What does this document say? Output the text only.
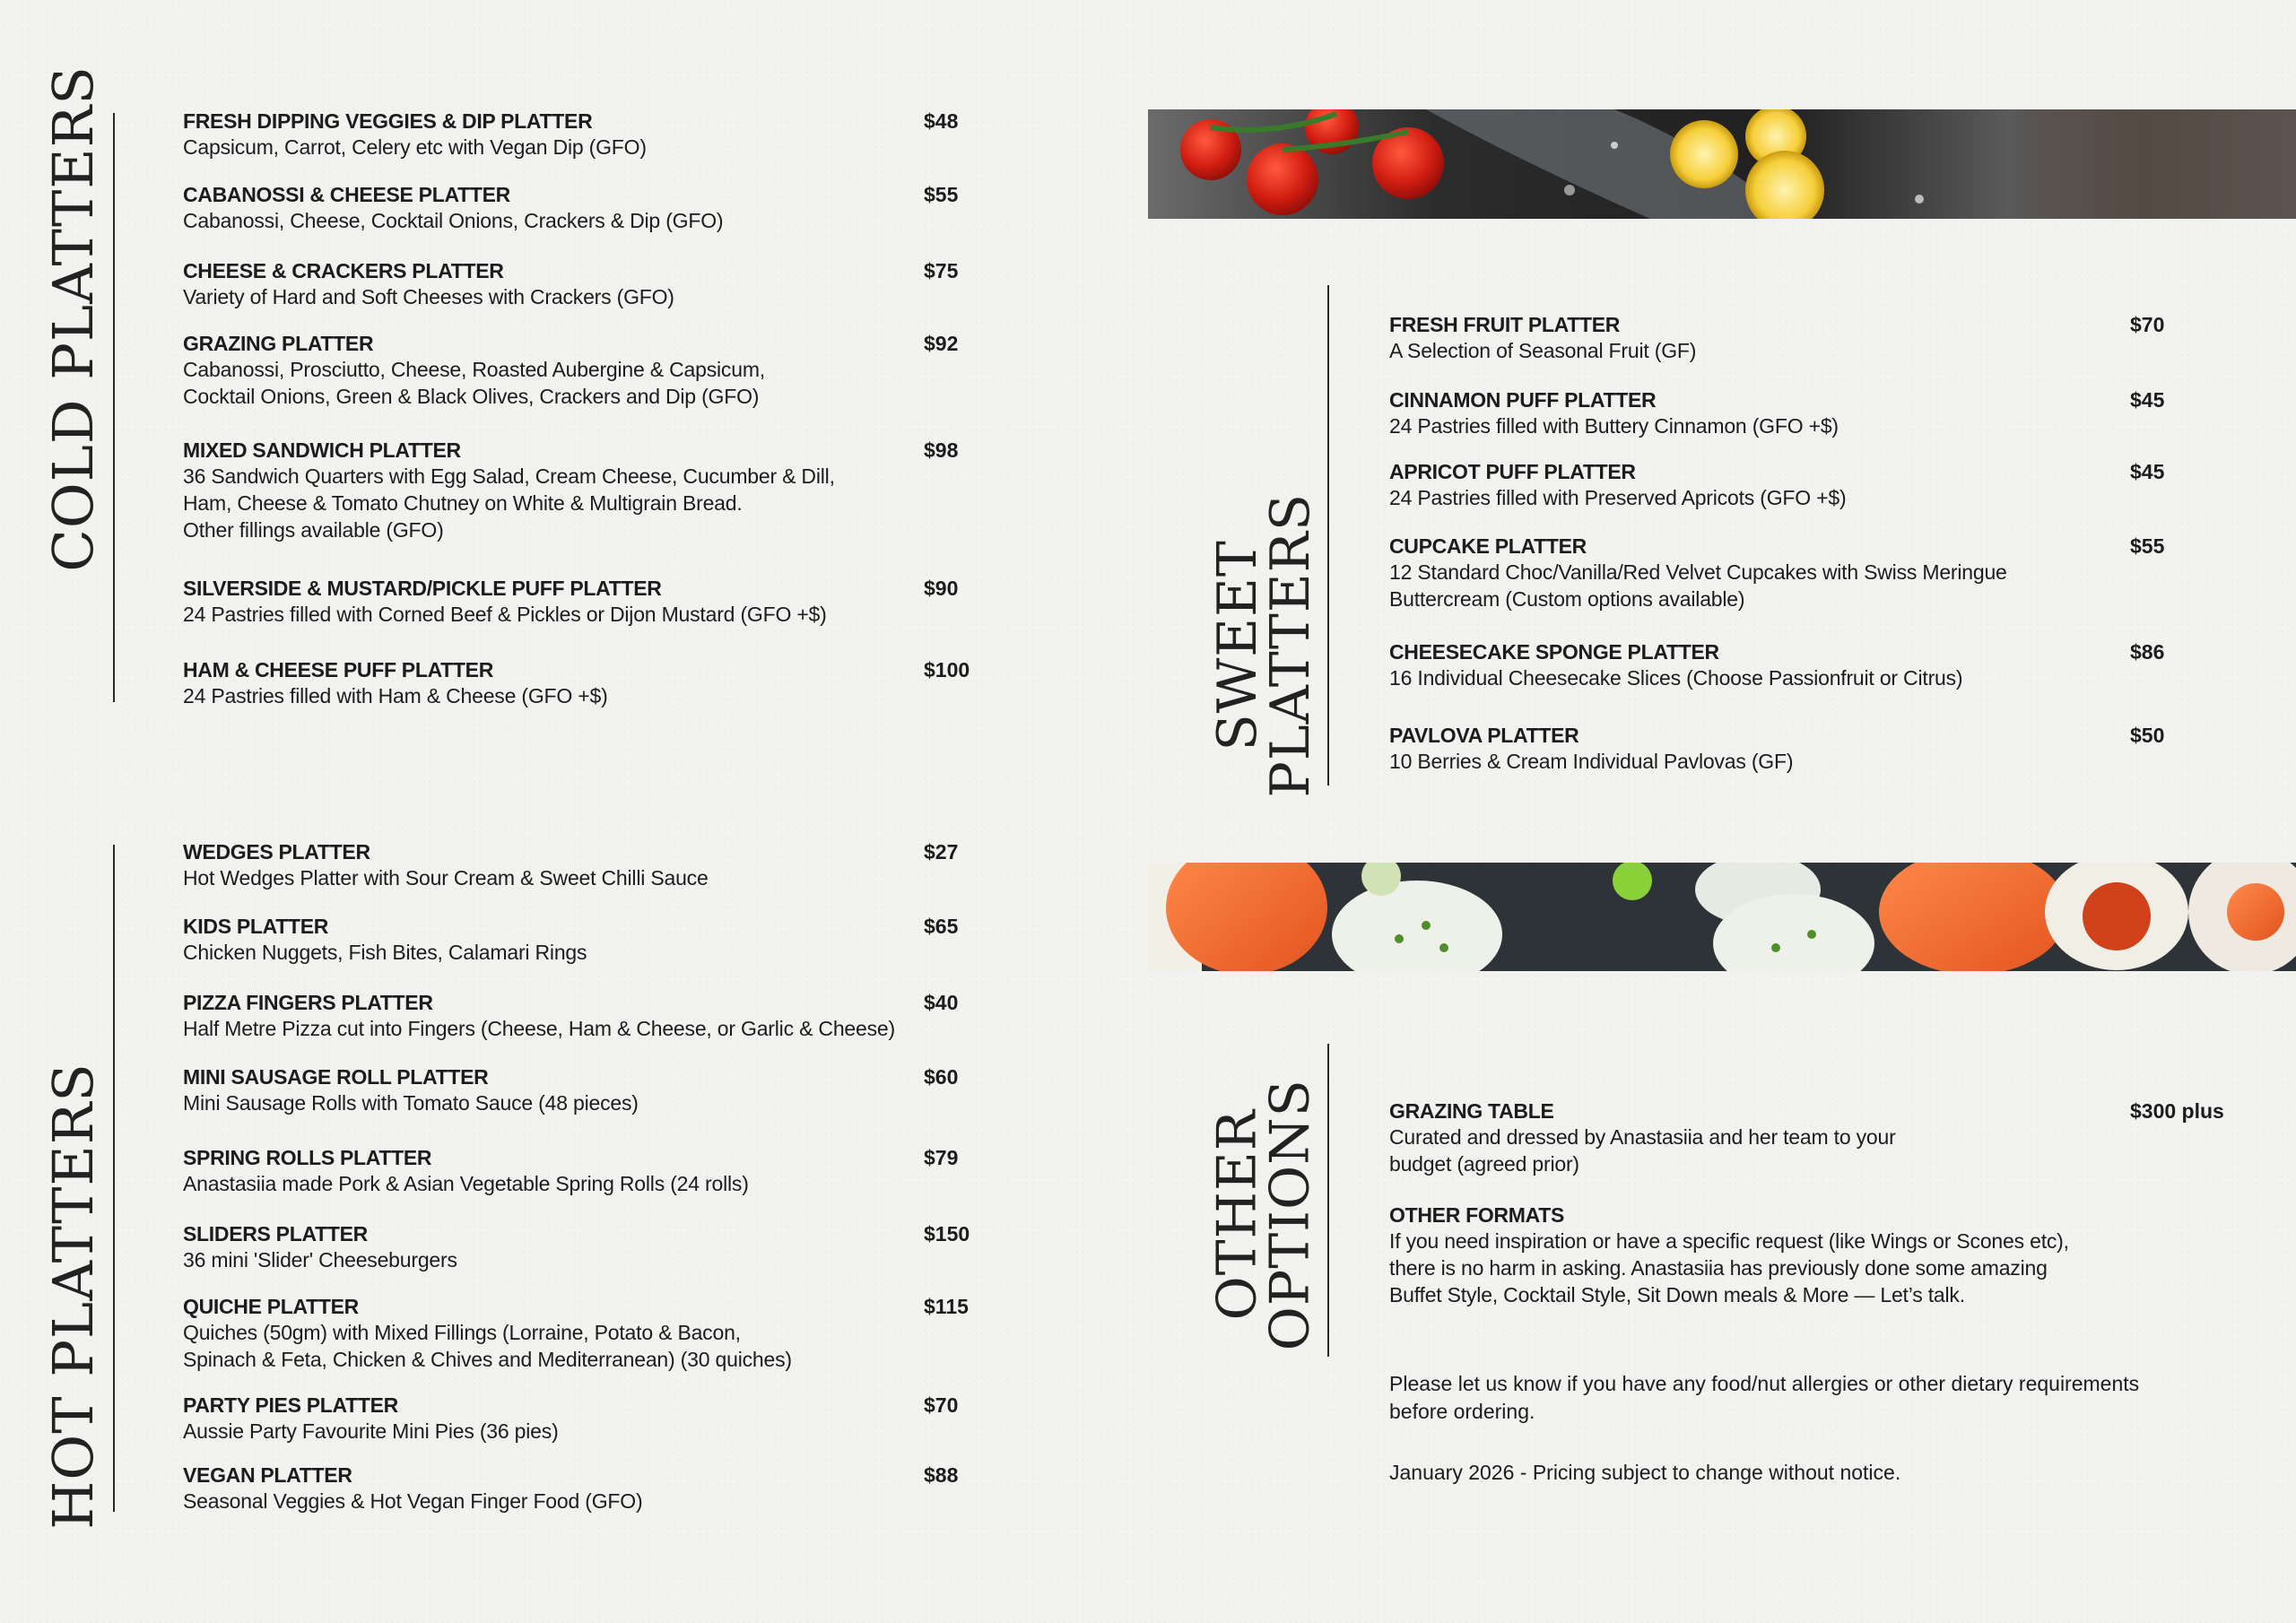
COLD PLATTERS	FRESH DIPPING VEGGIES & DIP PLATTER
Capsicum, Carrot, Celery etc with Vegan Dip (GFO)
$48
CABANOSSI & CHEESE PLATTER
Cabanossi, Cheese, Cocktail Onions, Crackers & Dip (GFO)
$55
CHEESE & CRACKERS PLATTER
Variety of Hard and Soft Cheeses with Crackers (GFO)
$75
GRAZING PLATTER
Cabanossi, Prosciutto, Cheese, Roasted Aubergine & Capsicum,
Cocktail Onions, Green & Black Olives, Crackers and Dip (GFO)
$92
MIXED SANDWICH PLATTER
36 Sandwich Quarters with Egg Salad, Cream Cheese, Cucumber & Dill,
Ham, Cheese & Tomato Chutney on White & Multigrain Bread.
Other fillings available (GFO)
$98
SILVERSIDE & MUSTARD/PICKLE PUFF PLATTER
24 Pastries filled with Corned Beef & Pickles or Dijon Mustard (GFO +$)
$90
HAM & CHEESE PUFF PLATTER
24 Pastries filled with Ham & Cheese (GFO +$)
$100
HOT PLATTERS
WEDGES PLATTER
Hot Wedges Platter with Sour Cream & Sweet Chilli Sauce
$27
KIDS PLATTER
Chicken Nuggets, Fish Bites, Calamari Rings
$65
PIZZA FINGERS PLATTER
Half Metre Pizza cut into Fingers (Cheese, Ham & Cheese, or Garlic & Cheese)
$40
MINI SAUSAGE ROLL PLATTER
Mini Sausage Rolls with Tomato Sauce (48 pieces)
$60
SPRING ROLLS PLATTER
Anastasiia made Pork & Asian Vegetable Spring Rolls (24 rolls)
$79
SLIDERS PLATTER
36 mini 'Slider' Cheeseburgers
$150
QUICHE PLATTER
Quiches (50gm) with Mixed Fillings (Lorraine, Potato & Bacon,
Spinach & Feta, Chicken & Chives and Mediterranean) (30 quiches)
$115
PARTY PIES PLATTER
Aussie Party Favourite Mini Pies (36 pies)
$70
VEGAN PLATTER
Seasonal Veggies & Hot Vegan Finger Food (GFO)
$88
SWEET
PLATTERS
FRESH FRUIT PLATTER
A Selection of Seasonal Fruit (GF)
$70
CINNAMON PUFF PLATTER
24 Pastries filled with Buttery Cinnamon (GFO +$)
$45
APRICOT PUFF PLATTER
24 Pastries filled with Preserved Apricots (GFO +$)
$45
CUPCAKE PLATTER
12 Standard Choc/Vanilla/Red Velvet Cupcakes with Swiss Meringue
Buttercream (Custom options available)
$55
CHEESECAKE SPONGE PLATTER
16 Individual Cheesecake Slices (Choose Passionfruit or Citrus)
$86
PAVLOVA PLATTER
10 Berries & Cream Individual Pavlovas (GF)
$50
OTHER
OPTIONS	GRAZING TABLE
Curated and dressed by Anastasiia and her team to your
budget (agreed prior)
$300 plus
OTHER FORMATS
If you need inspiration or have a specific request (like Wings or Scones etc),
there is no harm in asking. Anastasiia has previously done some amazing
Buffet Style, Cocktail Style, Sit Down meals & More — Let’s talk.
Please let us know if you have any food/nut allergies or other dietary requirements
before ordering.
January 2026 - Pricing subject to change without notice.
